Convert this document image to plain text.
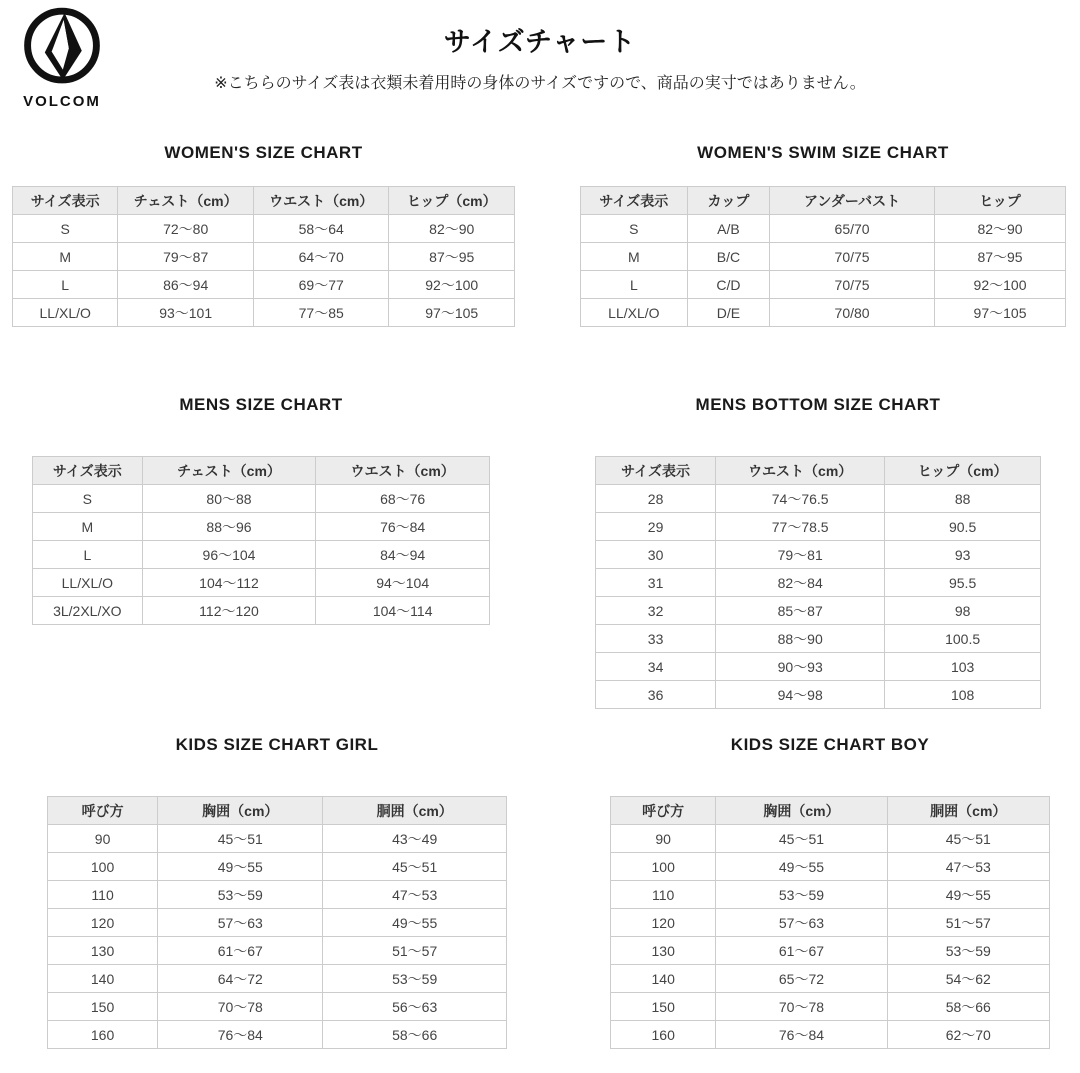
VOLCOM
サイズチャート

※こちらのサイズ表は衣類未着用時の身体のサイズですので、商品の実寸ではありません。

WOMEN'S SIZE CHART
サイズ表示	チェスト（cm）	ウエスト（cm）	ヒップ（cm）
S	72〜80	58〜64	82〜90
M	79〜87	64〜70	87〜95
L	86〜94	69〜77	92〜100
LL/XL/O	93〜101	77〜85	97〜105
WOMEN'S SWIM SIZE CHART
サイズ表示	カップ	アンダーバスト	ヒップ
S	A/B	65/70	82〜90
M	B/C	70/75	87〜95
L	C/D	70/75	92〜100
LL/XL/O	D/E	70/80	97〜105
MENS SIZE CHART
サイズ表示	チェスト（cm）	ウエスト（cm）
S	80〜88	68〜76
M	88〜96	76〜84
L	96〜104	84〜94
LL/XL/O	104〜112	94〜104
3L/2XL/XO	112〜120	104〜114
MENS BOTTOM SIZE CHART
サイズ表示	ウエスト（cm）	ヒップ（cm）
28	74〜76.5	88
29	77〜78.5	90.5
30	79〜81	93
31	82〜84	95.5
32	85〜87	98
33	88〜90	100.5
34	90〜93	103
36	94〜98	108
KIDS SIZE CHART GIRL
呼び方	胸囲（cm）	胴囲（cm）
90	45〜51	43〜49
100	49〜55	45〜51
110	53〜59	47〜53
120	57〜63	49〜55
130	61〜67	51〜57
140	64〜72	53〜59
150	70〜78	56〜63
160	76〜84	58〜66
KIDS SIZE CHART BOY
呼び方	胸囲（cm）	胴囲（cm）
90	45〜51	45〜51
100	49〜55	47〜53
110	53〜59	49〜55
120	57〜63	51〜57
130	61〜67	53〜59
140	65〜72	54〜62
150	70〜78	58〜66
160	76〜84	62〜70
